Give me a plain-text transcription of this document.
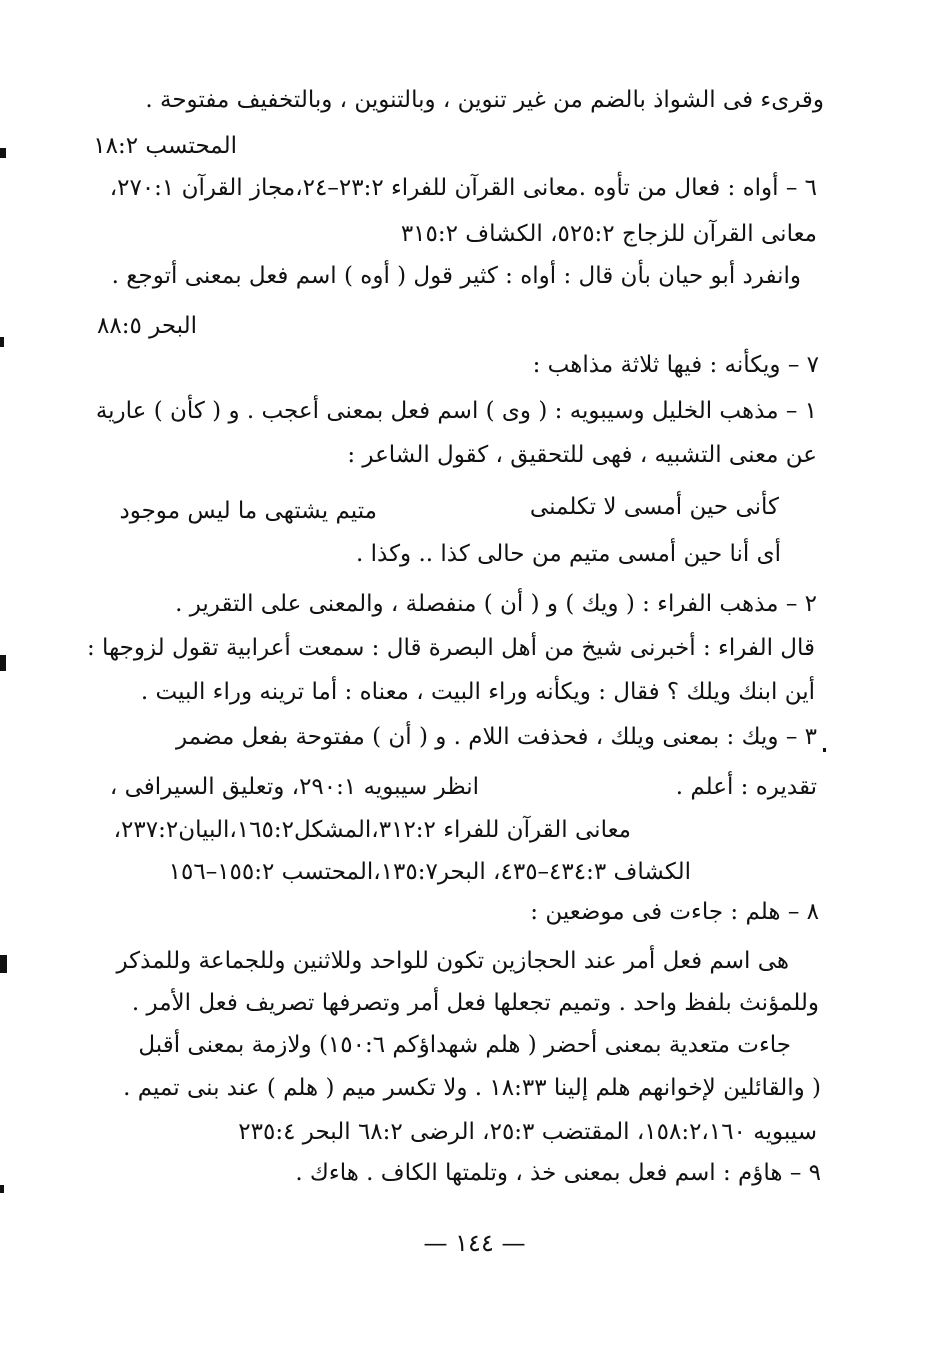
وقرىء فى الشواذ بالضم من غير تنوين ، وبالتنوين ، وبالتخفيف مفتوحة .
المحتسب ١٨:٢
٦ – أواه : فعال من تأوه .معانى القرآن للفراء ٢٣:٢–٢٤،مجاز القرآن ٢٧٠:١،
معانى القرآن للزجاج ٥٢٥:٢، الكشاف ٣١٥:٢
وانفرد أبو حيان بأن قال : أواه : كثير قول ( أوه ) اسم فعل بمعنى أتوجع .
البحر ٨٨:٥
٧ – ويكأنه : فيها ثلاثة مذاهب :
١ – مذهب الخليل وسيبويه : ( وى ) اسم فعل بمعنى أعجب . و ( كأن ) عارية
عن معنى التشبيه ، فهى للتحقيق ، كقول الشاعر :
كأنى حين أمسى لا تكلمنى
متيم يشتهى ما ليس موجود
أى أنا حين أمسى متيم من حالى كذا .. وكذا .
٢ – مذهب الفراء : ( ويك ) و ( أن ) منفصلة ، والمعنى على التقرير .
قال الفراء : أخبرنى شيخ من أهل البصرة قال : سمعت أعرابية تقول لزوجها :
أين ابنك ويلك ؟ فقال : ويكأنه وراء البيت ، معناه : أما ترينه وراء البيت .
٣ – ويك : بمعنى ويلك ، فحذفت اللام . و ( أن ) مفتوحة بفعل مضمر
تقديره : أعلم .
انظر سيبويه ٢٩٠:١، وتعليق السيرافى ،
معانى القرآن للفراء ٣١٢:٢،المشكل١٦٥:٢،البيان٢٣٧:٢،
الكشاف ٤٣٤:٣–٤٣٥، البحر١٣٥:٧،المحتسب ١٥٥:٢–١٥٦
٨ – هلم : جاءت فى موضعين :
هى اسم فعل أمر عند الحجازين تكون للواحد وللاثنين وللجماعة وللمذكر
وللمؤنث بلفظ واحد . وتميم تجعلها فعل أمر وتصرفها تصريف فعل الأمر .
جاءت متعدية بمعنى أحضر ( هلم شهداؤكم ١٥٠:٦) ولازمة بمعنى أقبل
( والقائلين لإخوانهم هلم إلينا ١٨:٣٣ . ولا تكسر ميم ( هلم ) عند بنى تميم .
سيبويه ١٥٨:٢،١٦٠، المقتضب ٢٥:٣، الرضى ٦٨:٢ البحر ٢٣٥:٤
٩ – هاؤم : اسم فعل بمعنى خذ ، وتلمتها الكاف . هاءك .
— ١٤٤ —
